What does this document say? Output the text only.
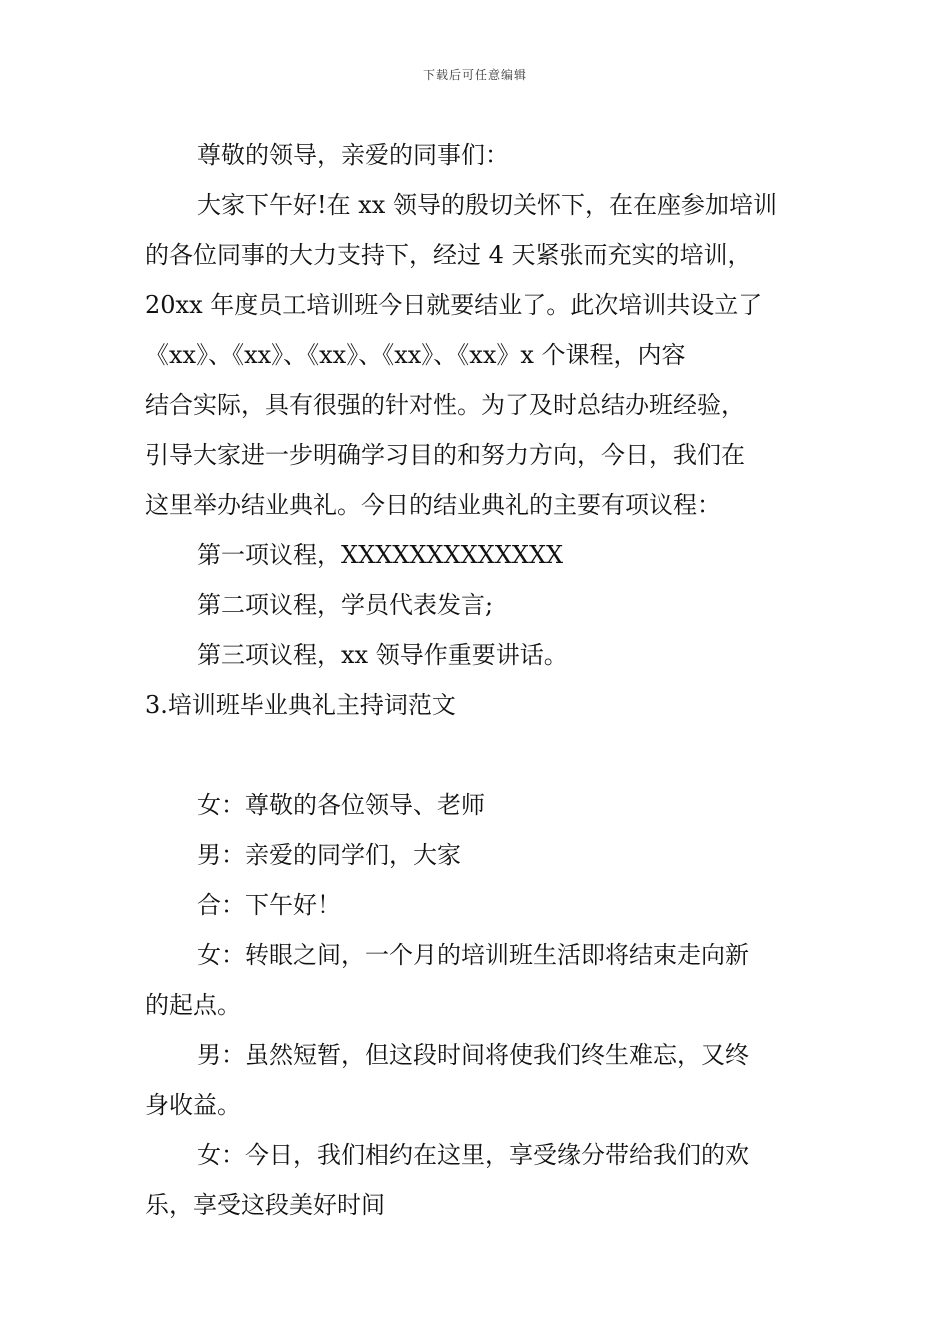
下载后可任意编辑
尊敬的领导，亲爱的同事们：
大家下午好!在 xx 领导的殷切关怀下，在在座参加培训
的各位同事的大力支持下，经过 4 天紧张而充实的培训，
20xx 年度员工培训班今日就要结业了。此次培训共设立了
《xx》、《xx》、《xx》、《xx》、《xx》x 个课程，内容
结合实际，具有很强的针对性。为了及时总结办班经验，
引导大家进一步明确学习目的和努力方向，今日，我们在
这里举办结业典礼。今日的结业典礼的主要有项议程：
第一项议程，XXXXXXXXXXXXX
第二项议程，学员代表发言;
第三项议程，xx 领导作重要讲话。
3.培训班毕业典礼主持词范文
女：尊敬的各位领导、老师
男：亲爱的同学们，大家
合：下午好！
女：转眼之间，一个月的培训班生活即将结束走向新
的起点。
男：虽然短暂，但这段时间将使我们终生难忘，又终
身收益。
女：今日，我们相约在这里，享受缘分带给我们的欢
乐，享受这段美好时间
